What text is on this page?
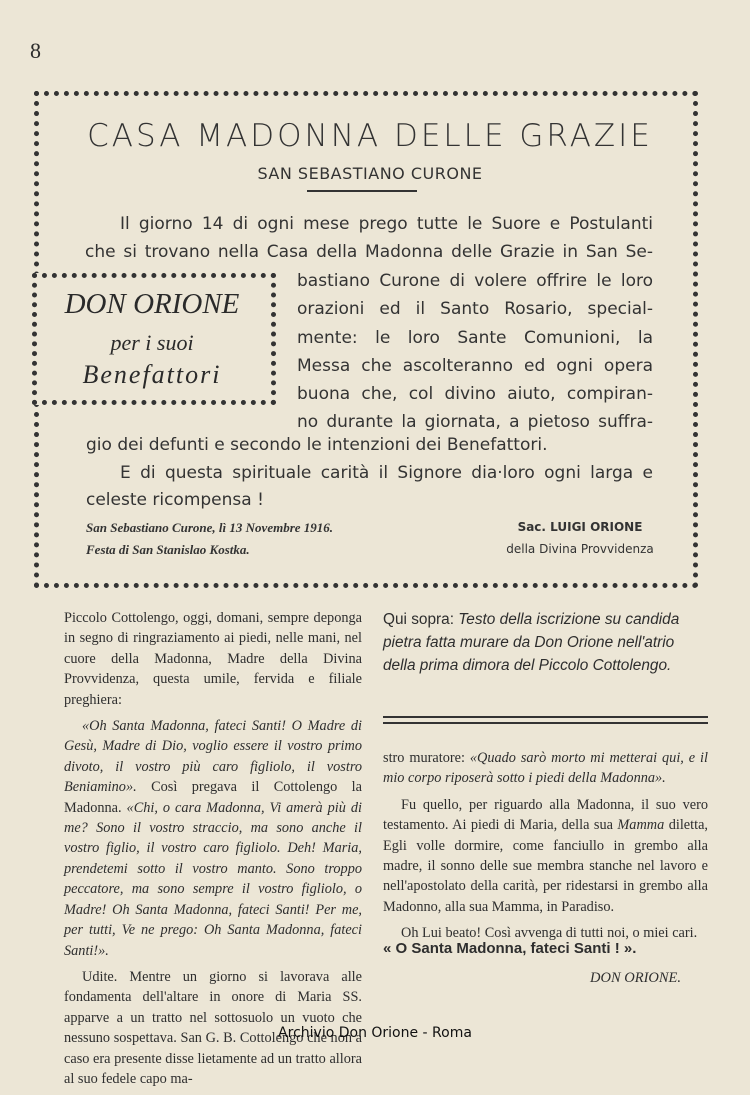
8
CASA MADONNA DELLE GRAZIE
SAN SEBASTIANO CURONE
Il giorno 14 di ogni mese prego tutte le Suore e Postulanti
che si trovano nella Casa della Madonna delle Grazie in San Se-
bastiano Curone di volere offrire le loro
orazioni ed il Santo Rosario, special-
mente: le loro Sante Comunioni, la
Messa che ascolteranno ed ogni opera
buona che, col divino aiuto, compiran-
no durante la giornata, a pietoso suffra-
gio dei defunti e secondo le intenzioni dei Benefattori.
E di questa spirituale carità il Signore dia·loro ogni larga e
celeste ricompensa !
San Sebastiano Curone, lì 13 Novembre 1916.
Festa di San Stanislao Kostka.
Sac. LUIGI ORIONE
della Divina Provvidenza
DON ORIONE
per i suoi
Benefattori

Piccolo Cottolengo, oggi, domani, sempre deponga in segno di ringraziamento ai piedi, nelle mani, nel cuore della Madonna, Madre della Divina Provvidenza, questa umile, fervida e filiale preghiera:

«Oh Santa Madonna, fateci Santi! O Madre di Gesù, Madre di Dio, voglio essere il vostro primo divoto, il vostro più caro figliolo, il vostro Beniamino». Così pregava il Cottolengo la Madonna. «Chi, o cara Madonna, Vi amerà più di me? Sono il vostro straccio, ma sono anche il vostro figlio, il vostro caro figliolo. Deh! Maria, prendetemi sotto il vostro manto. Sono troppo peccatore, ma sono sempre il vostro figliolo, o Madre! Oh Santa Madonna, fateci Santi! Per me, per tutti, Ve ne prego: Oh Santa Madonna, fateci Santi!».

Udite. Mentre un giorno si lavorava alle fondamenta dell'altare in onore di Maria SS. apparve a un tratto nel sottosuolo un vuoto che nessuno sospettava. San G. B. Cottolengo che non a caso era presente disse lietamente ad un tratto allora al suo fedele capo ma-

Qui sopra: Testo della iscrizione su candida pietra fatta murare da Don Orione nell'atrio della prima dimora del Piccolo Cottolengo.

stro muratore: «Quado sarò morto mi metterai qui, e il mio corpo riposerà sotto i piedi della Madonna».

Fu quello, per riguardo alla Madonna, il suo vero testamento. Ai piedi di Maria, della sua Mamma diletta, Egli volle dormire, come fanciullo in grembo alla madre, il sonno delle sue membra stanche nel lavoro e nell'apostolato della carità, per ridestarsi in grembo alla Madonno, alla sua Mamma, in Paradiso.

Oh Lui beato! Così avvenga di tutti noi, o miei cari.

« O Santa Madonna, fateci Santi ! ».
DON ORIONE.
Archivio Don Orione - Roma
